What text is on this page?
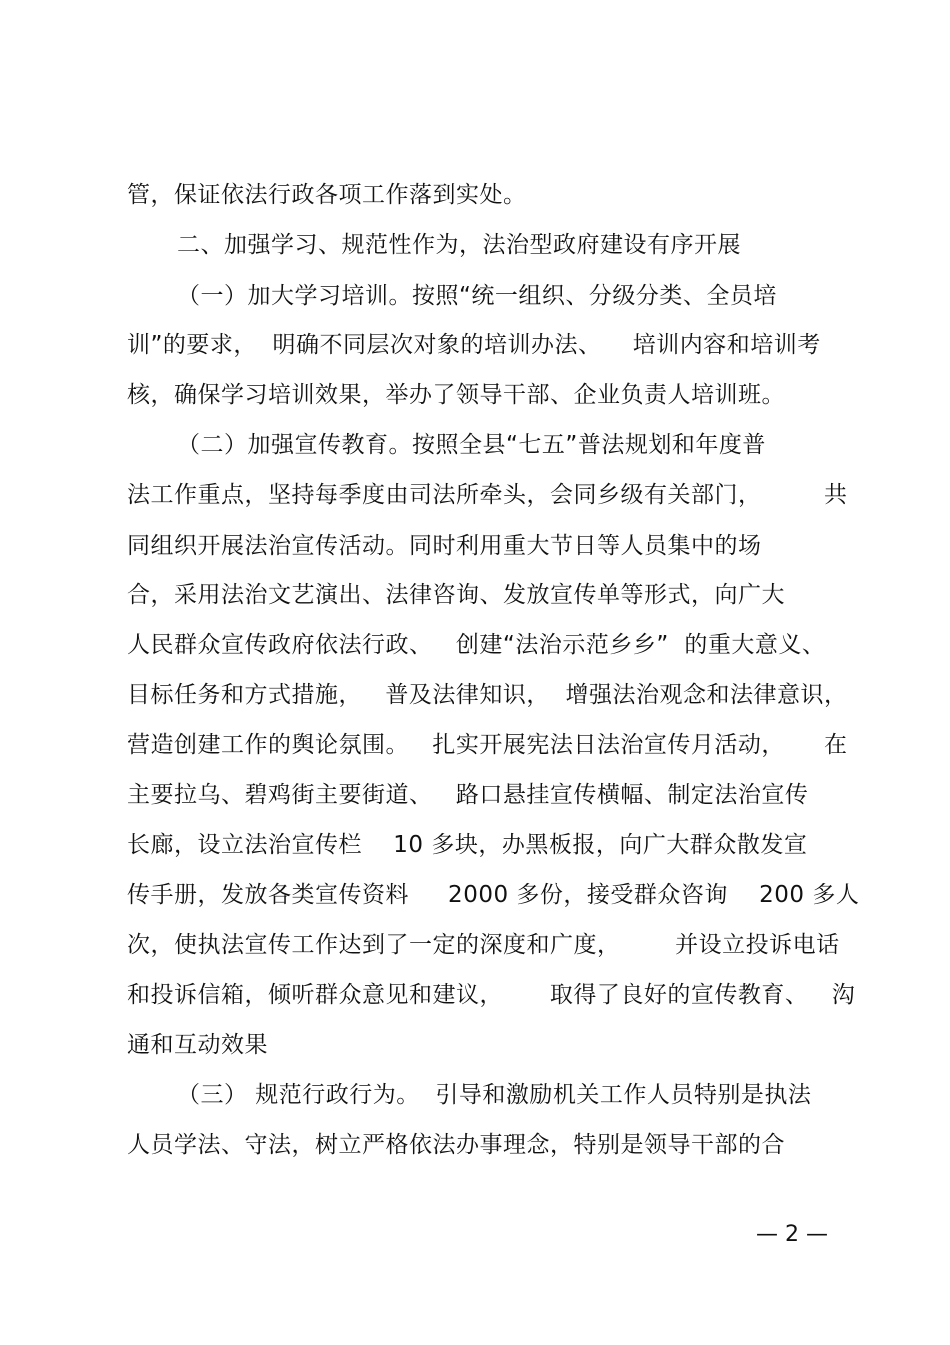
管，保证依法行政各项工作落到实处。
二、加强学习、规范性作为，法治型政府建设有序开展
（一）加大学习培训。按照“统一组织、分级分类、全员培
训”的要求，  明确不同层次对象的培训办法、    培训内容和培训考
核，确保学习培训效果，举办了领导干部、企业负责人培训班。
（二）加强宣传教育。按照全县“七五”普法规划和年度普
法工作重点，坚持每季度由司法所牵头，会同乡级有关部门，        共
同组织开展法治宣传活动。同时利用重大节日等人员集中的场
合，采用法治文艺演出、法律咨询、发放宣传单等形式，向广大
人民群众宣传政府依法行政、   创建“法治示范乡乡”  的重大意义、
目标任务和方式措施，   普及法律知识，  增强法治观念和法律意识，
营造创建工作的舆论氛围。   扎实开展宪法日法治宣传月活动，     在
主要拉乌、碧鸡街主要街道、   路口悬挂宣传横幅、制定法治宣传
长廊，设立法治宣传栏    10 多块，办黑板报，向广大群众散发宣
传手册，发放各类宣传资料     2000 多份，接受群众咨询    200 多人
次，使执法宣传工作达到了一定的深度和广度，       并设立投诉电话
和投诉信箱，倾听群众意见和建议，      取得了良好的宣传教育、   沟
通和互动效果
（三） 规范行政行为。  引导和激励机关工作人员特别是执法
人员学法、守法，树立严格依法办事理念，特别是领导干部的合
— 2 —
